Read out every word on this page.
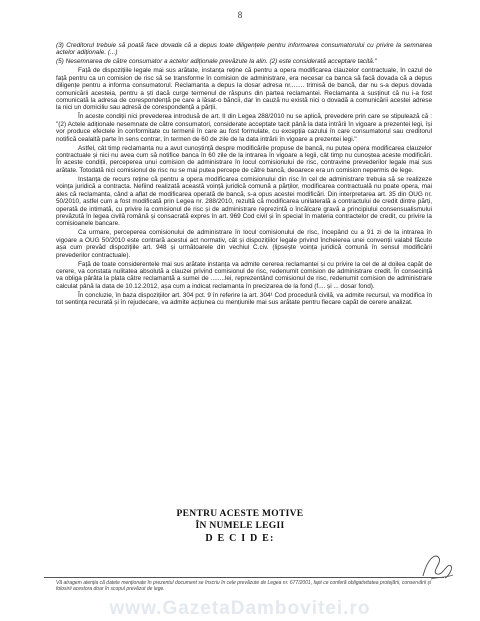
8

(3) Creditorul trebuie să poată face dovada că a depus toate diligențele pentru informarea consumatorului cu privire la semnarea actelor adiționale. (...)

(5) Nesemnarea de către consumator a actelor adiționale prevăzute la alin. (2) este considerată acceptare tacită."

Față de dispozițiile legale mai sus arătate, instanța reține că pentru a opera modificarea clauzelor contractuale, în cazul de față pentru ca un comision de risc să se transforme în comision de administrare, era necesar ca banca să facă dovada că a depus diligențe pentru a informa consumatorul. Reclamanta a depus la dosar adresa nr........ trimisă de bancă, dar nu s-a depus dovada comunicării acesteia, pentru a ști dacă curge termenul de răspuns din partea reclamantei. Reclamanta a susținut că nu i-a fost comunicată la adresa de corespondență pe care a lăsat-o băncii, dar în cauză nu există nici o dovadă a comunicării acestei adrese la nici un domiciliu sau adresă de corespondență a părții.

În aceste condiții nici prevederea introdusă de art. II din Legea 288/2010 nu se aplică, prevedere prin care se stipulează că : "(2) Actele adiționale nesemnate de către consumatori, considerate acceptate tacit până la data intrării în vigoare a prezentei legi, își vor produce efectele în conformitate cu termenii în care au fost formulate, cu excepția cazului în care consumatorul sau creditorul notifică cealaltă parte în sens contrar, în termen de 60 de zile de la data intrării în vigoare a prezentei legi."

Astfel, cât timp reclamanta nu a avut cunoștință despre modificările propuse de bancă, nu putea opera modificarea clauzelor contractuale și nici nu avea cum să notifice banca în 60 zile de la intrarea în vigoare a legii, cât timp nu cunoștea aceste modificări. În aceste condiții, perceperea unui comision de administrare în locul comisionului de risc, contravine prevederilor legale mai sus arătate. Totodată nici comisionul de risc nu se mai putea percepe de către bancă, deoarece era un comision nepermis de lege.

Instanța de recurs reține că pentru a opera modificarea comisionului din risc în cel de administrare trebuia să se realizeze voința juridică a contracta. Nefiind realizată această voință juridică comună a părților, modificarea contractuală nu poate opera, mai ales că reclamanta, când a aflat de modificarea operată de bancă, s-a opus acestei modificări. Din interpretarea art. 35 din OUG nr. 50/2010, astfel cum a fost modificată prin Legea nr. 288/2010, rezultă că modificarea unilaterală a contractului de credit dintre părți, operată de intimată, cu privire la comisionul de risc și de administrare reprezintă o încălcare gravă a principiului consensualismului prevăzută în legea civilă română și consacrată expres în art. 969 Cod civil și în special în materia contractelor de credit, cu privire la comisioanele bancare.

Ca urmare, perceperea comisionului de administrare în locul comisionului de risc, începând cu a 91 zi de la intrarea în vigoare a OUG 50/2010 este contrară acestui act normativ, cât și dispozițiilor legale privind încheierea unei convenții valabil făcute așa cum prevăd dispozițiile art. 948 și următoarele din vechiul C.civ. (lipsește voința juridică comună în sensul modificării prevederilor contractuale).

Față de toate considerentele mai sus arătate instanța va admite cererea reclamantei și cu privire la cel de al doilea capăt de cerere, va constata nulitatea absolută a clauzei privind comisionul de risc, redenumit comision de administrare credit. În consecință va obliga pârâta la plata către reclamantă a sumei de ........lei, reprezentând comisionul de risc, redenumit comision de administrare calculat până la data de 10.12.2012, așa cum a indicat reclamanta în precizarea de la fond (f.... și ... dosar fond).

În concluzie, în baza dispozițiilor art. 304 pct. 9 în referire la art. 304¹ Cod procedură civilă, va admite recursul, va modifica în tot sentința recurată și în rejudecare, va admite acțiunea cu mențiunile mai sus arătate pentru fiecare capăt de cerere analizat.

PENTRU ACESTE MOTIVE
ÎN NUMELE LEGII
D E C I D E:
Vă atragem atenția că datele menționate în prezentul document se înscriu în cele prevăzute de Legea nr. 677/2001, fapt ce conferă obligativitatea protejării, conservării și folosirii acestora doar în scopul prevăzut de lege.
www.GazetaDambovitei.ro
